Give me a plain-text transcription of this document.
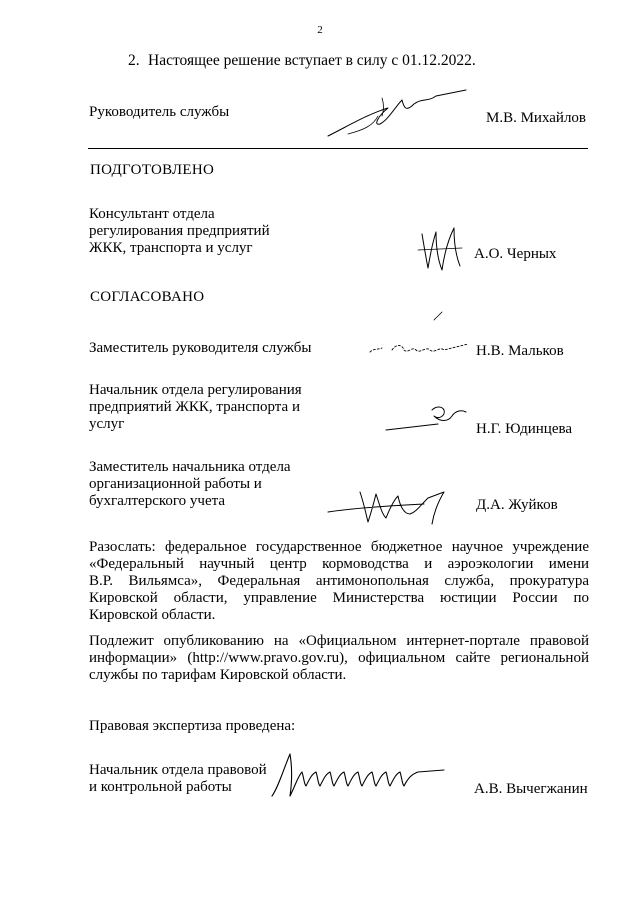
2
2. Настоящее решение вступает в силу с 01.12.2022.
Руководитель службы	М.В. Михайлов
ПОДГОТОВЛЕНО
Консультант отдела
регулирования предприятий
ЖКК, транспорта и услуг	А.О. Черных
СОГЛАСОВАНО
Заместитель руководителя службы	Н.В. Мальков
Начальник отдела регулирования
предприятий ЖКК, транспорта и
услуг	Н.Г. Юдинцева
Заместитель начальника отдела
организационной работы и
бухгалтерского учета	Д.А. Жуйков
Разослать: федеральное государственное бюджетное научное учреждение
«Федеральный научный центр кормоводства и аэроэкологии имени
В.Р. Вильямса», Федеральная антимонопольная служба, прокуратура
Кировской области, управление Министерства юстиции России по
Кировской области.
Подлежит опубликованию на «Официальном интернет-портале правовой
информации» (http://www.pravo.gov.ru), официальном сайте региональной
службы по тарифам Кировской области.
Правовая экспертиза проведена:
Начальник отдела правовой
и контрольной работы	А.В. Вычегжанин
